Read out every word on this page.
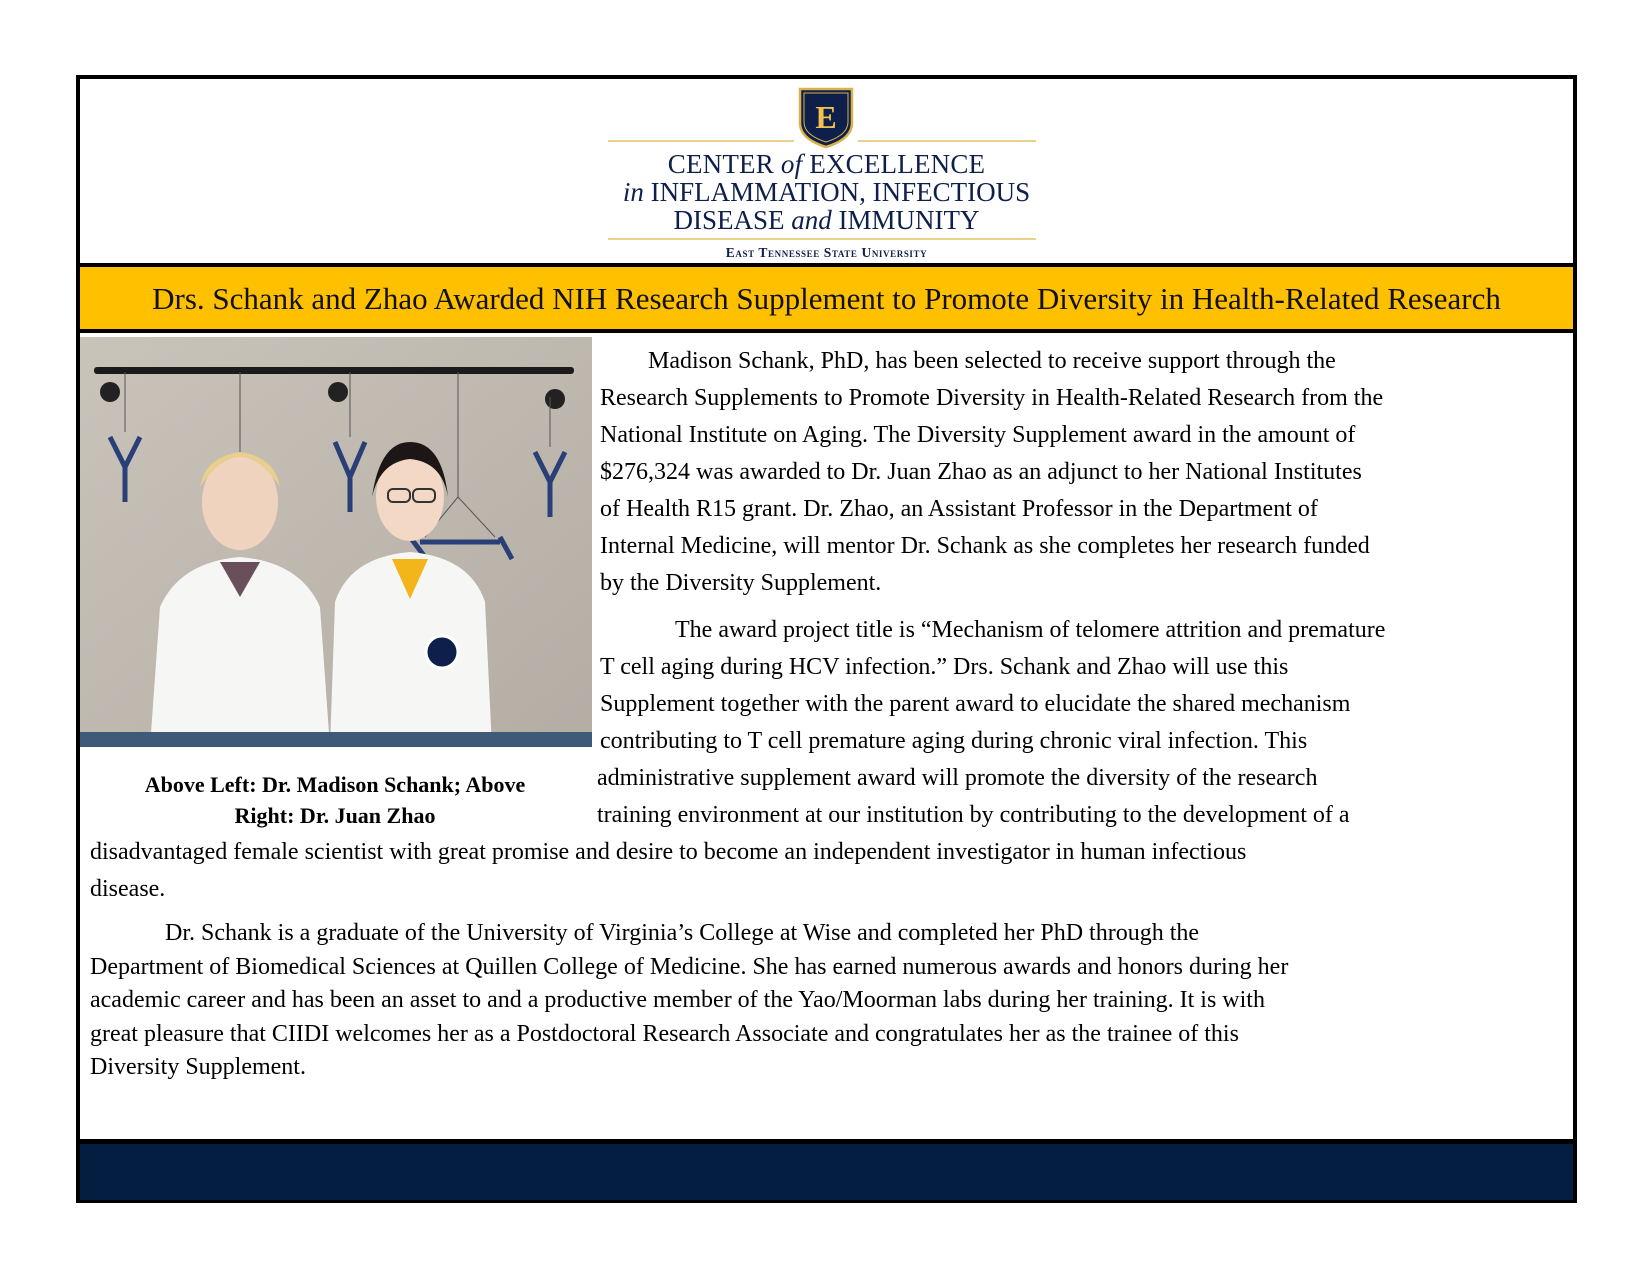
E
CENTER of EXCELLENCE
in INFLAMMATION, INFECTIOUS
DISEASE and IMMUNITY
East Tennessee State University
Drs. Schank and Zhao Awarded NIH Research Supplement to Promote Diversity in Health-Related Research
Above Left: Dr. Madison Schank; Above
Right: Dr. Juan Zhao
Madison Schank, PhD, has been selected to receive support through the
Research Supplements to Promote Diversity in Health-Related Research from the
National Institute on Aging. The Diversity Supplement award in the amount of
$276,324 was awarded to Dr. Juan Zhao as an adjunct to her National Institutes
of Health R15 grant. Dr. Zhao, an Assistant Professor in the Department of
Internal Medicine, will mentor Dr. Schank as she completes her research funded
by the Diversity Supplement.
The award project title is “Mechanism of telomere attrition and premature
T cell aging during HCV infection.” Drs. Schank and Zhao will use this
Supplement together with the parent award to elucidate the shared mechanism
contributing to T cell premature aging during chronic viral infection. This
administrative supplement award will promote the diversity of the research
training environment at our institution by contributing to the development of a
disadvantaged female scientist with great promise and desire to become an independent investigator in human infectious
disease.
Dr. Schank is a graduate of the University of Virginia’s College at Wise and completed her PhD through the
Department of Biomedical Sciences at Quillen College of Medicine. She has earned numerous awards and honors during her
academic career and has been an asset to and a productive member of the Yao/Moorman labs during her training. It is with
great pleasure that CIIDI welcomes her as a Postdoctoral Research Associate and congratulates her as the trainee of this
Diversity Supplement.
